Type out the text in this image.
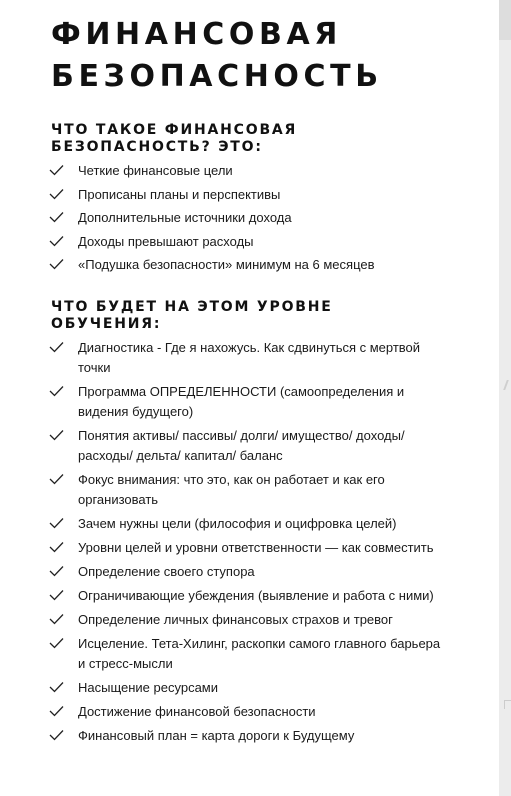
ФИНАНСОВАЯ
БЕЗОПАСНОСТЬ
ЧТО ТАКОЕ ФИНАНСОВАЯ
БЕЗОПАСНОСТЬ? ЭТО:
Четкие финансовые цели
Прописаны планы и перспективы
Дополнительные источники дохода
Доходы превышают расходы
«Подушка безопасности» минимум на 6 месяцев
ЧТО БУДЕТ НА ЭТОМ УРОВНЕ
ОБУЧЕНИЯ:
Диагностика - Где я нахожусь. Как сдвинуться с мертвой точки
Программа ОПРЕДЕЛЕННОСТИ (самоопределения и видения будущего)
Понятия активы/ пассивы/ долги/ имущество/ доходы/ расходы/ дельта/ капитал/ баланс
Фокус внимания: что это, как он работает и как его организовать
Зачем нужны цели (философия и оцифровка целей)
Уровни целей и уровни ответственности — как совместить
Определение своего ступора
Ограничивающие убеждения (выявление и работа с ними)
Определение личных финансовых страхов и тревог
Исцеление. Тета-Хилинг, раскопки самого главного барьера и стресс-мысли
Насыщение ресурсами
Достижение финансовой безопасности
Финансовый план = карта дороги к Будущему
